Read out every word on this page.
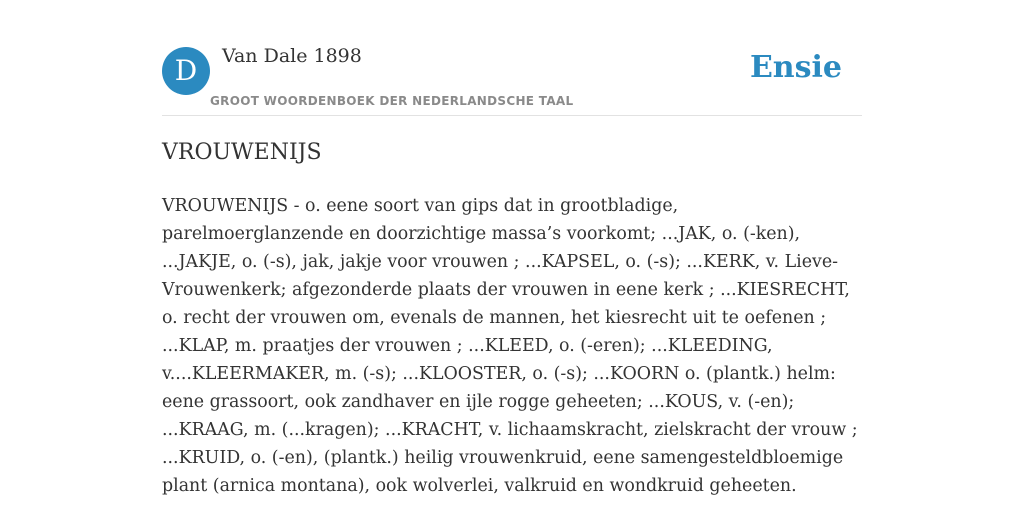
D	Van Dale 1898
GROOT WOORDENBOEK DER NEDERLANDSCHE TAAL
Ensie
VROUWENIJS

VROUWENIJS - o. eene soort van gips dat in grootbladige, parelmoerglanzende en doorzichtige massa’s voorkomt; ...JAK, o. (-ken), ...JAKJE, o. (-s), jak, jakje voor vrouwen ; ...KAPSEL, o. (-s); ...KERK, v. Lieve-Vrouwenkerk; afgezonderde plaats der vrouwen in eene kerk ; ...KIESRECHT, o. recht der vrouwen om, evenals de mannen, het kiesrecht uit te oefenen ; ...KLAP, m. praatjes der vrouwen ; ...KLEED, o. (-eren); ...KLEEDING, v....KLEERMAKER, m. (-s); ...KLOOSTER, o. (-s); ...KOORN o. (plantk.) helm: eene grassoort, ook zandhaver en ijle rogge geheeten; ...KOUS, v. (-en); ...KRAAG, m. (...kragen); ...KRACHT, v. lichaamskracht, zielskracht der vrouw ; ...KRUID, o. (-en), (plantk.) heilig vrouwenkruid, eene samengesteldbloemige plant (arnica montana), ook wolverlei, valkruid en wondkruid geheeten.
